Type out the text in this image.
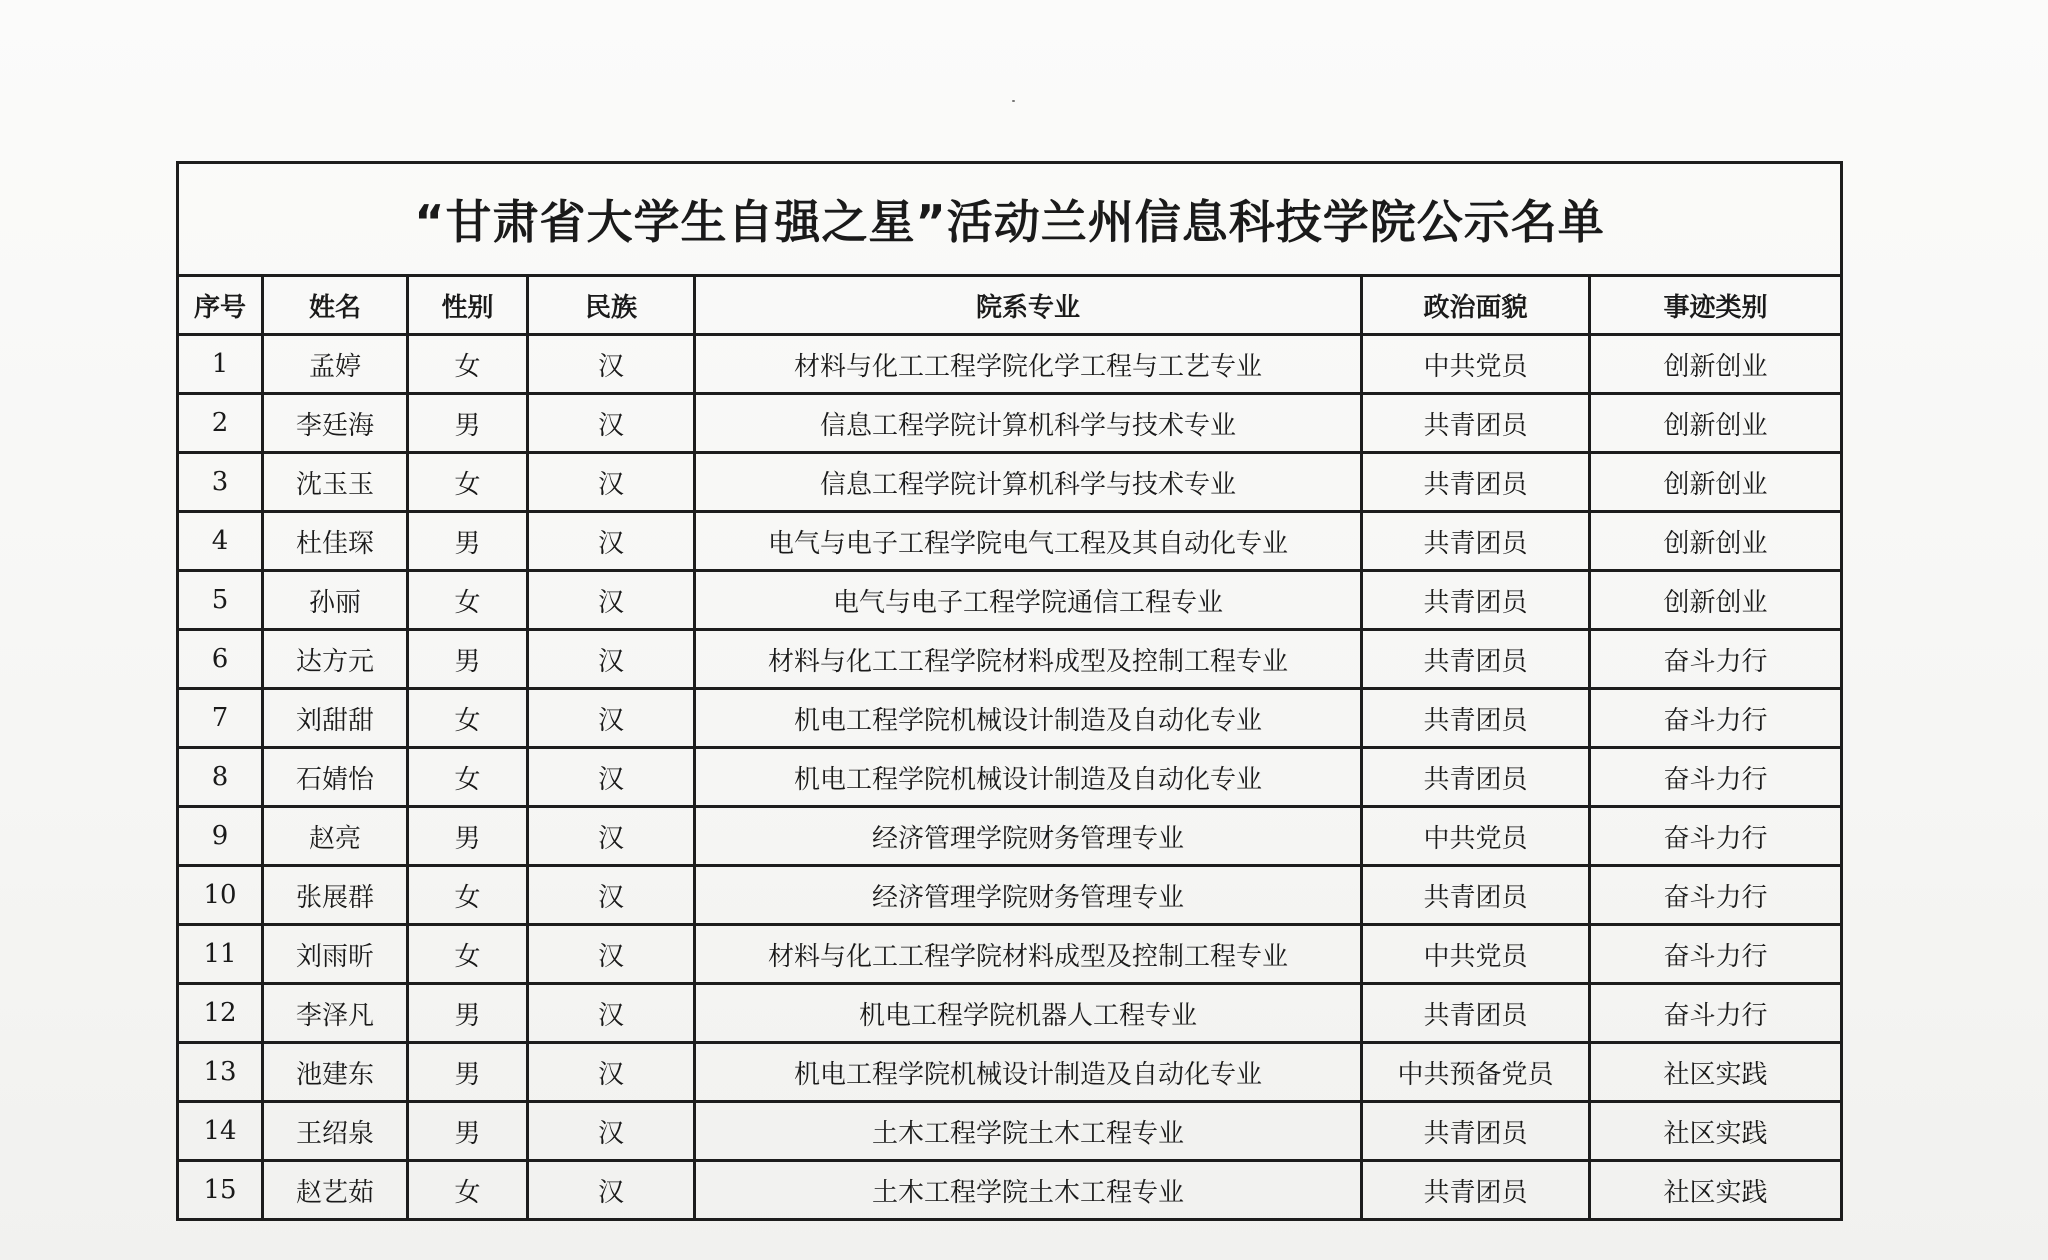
“甘肃省大学生自强之星”活动兰州信息科技学院公示名单						
序号	姓名	性别	民族	院系专业	政治面貌	事迹类别
1	孟婷	女	汉	材料与化工工程学院化学工程与工艺专业	中共党员	创新创业
2	李廷海	男	汉	信息工程学院计算机科学与技术专业	共青团员	创新创业
3	沈玉玉	女	汉	信息工程学院计算机科学与技术专业	共青团员	创新创业
4	杜佳琛	男	汉	电气与电子工程学院电气工程及其自动化专业	共青团员	创新创业
5	孙丽	女	汉	电气与电子工程学院通信工程专业	共青团员	创新创业
6	达方元	男	汉	材料与化工工程学院材料成型及控制工程专业	共青团员	奋斗力行
7	刘甜甜	女	汉	机电工程学院机械设计制造及自动化专业	共青团员	奋斗力行
8	石婧怡	女	汉	机电工程学院机械设计制造及自动化专业	共青团员	奋斗力行
9	赵亮	男	汉	经济管理学院财务管理专业	中共党员	奋斗力行
10	张展群	女	汉	经济管理学院财务管理专业	共青团员	奋斗力行
11	刘雨昕	女	汉	材料与化工工程学院材料成型及控制工程专业	中共党员	奋斗力行
12	李泽凡	男	汉	机电工程学院机器人工程专业	共青团员	奋斗力行
13	池建东	男	汉	机电工程学院机械设计制造及自动化专业	中共预备党员	社区实践
14	王绍泉	男	汉	土木工程学院土木工程专业	共青团员	社区实践
15	赵艺茹	女	汉	土木工程学院土木工程专业	共青团员	社区实践
